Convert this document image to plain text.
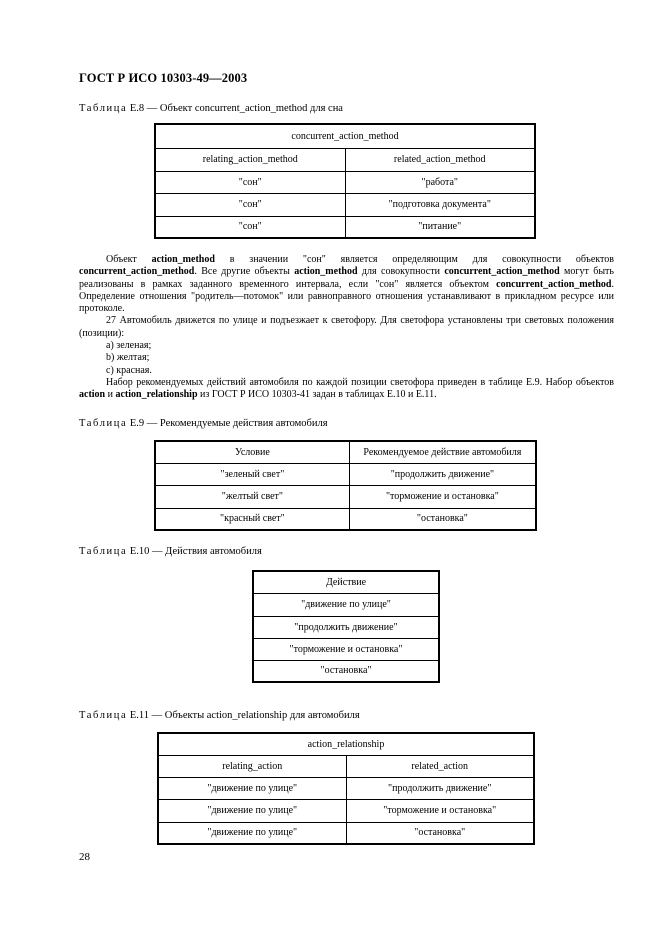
ГОСТ Р ИСО 10303-49—2003
Таблица Е.8 — Объект concurrent_action_method для сна
concurrent_action_method	
relating_action_method	related_action_method
"сон"	"работа"
"сон"	"подготовка документа"
"сон"	"питание"

Объект action_method в значении "сон" является определяющим для совокупности объектов concurrent_action_method. Все другие объекты action_method для совокупности concurrent_action_method могут быть реализованы в рамках заданного временного интервала, если "сон" является объектом concurrent_action_method. Определение отношения "родитель—потомок" или равноправного отношения устанавливают в прикладном ресурсе или протоколе.

27 Автомобиль движется по улице и подъезжает к светофору. Для светофора установлены три световых положения (позиции):

а) зеленая;

b) желтая;

с) красная.

Набор рекомендуемых действий автомобиля по каждой позиции светофора приведен в таблице Е.9. Набор объектов action и action_relationship из ГОСТ Р ИСО 10303-41 задан в таблицах Е.10 и Е.11.

Таблица Е.9 — Рекомендуемые действия автомобиля
Условие	Рекомендуемое действие автомобиля
"зеленый свет"	"продолжить движение"
"желтый свет"	"торможение и остановка"
"красный свет"	"остановка"
Таблица Е.10 — Действия автомобиля
Действие
"движение по улице"
"продолжить движение"
"торможение и остановка"
"остановка"
Таблица Е.11 — Объекты action_relationship для автомобиля
action_relationship	
relating_action	related_action
"движение по улице"	"продолжить движение"
"движение по улице"	"торможение и остановка"
"движение по улице"	"остановка"
28
